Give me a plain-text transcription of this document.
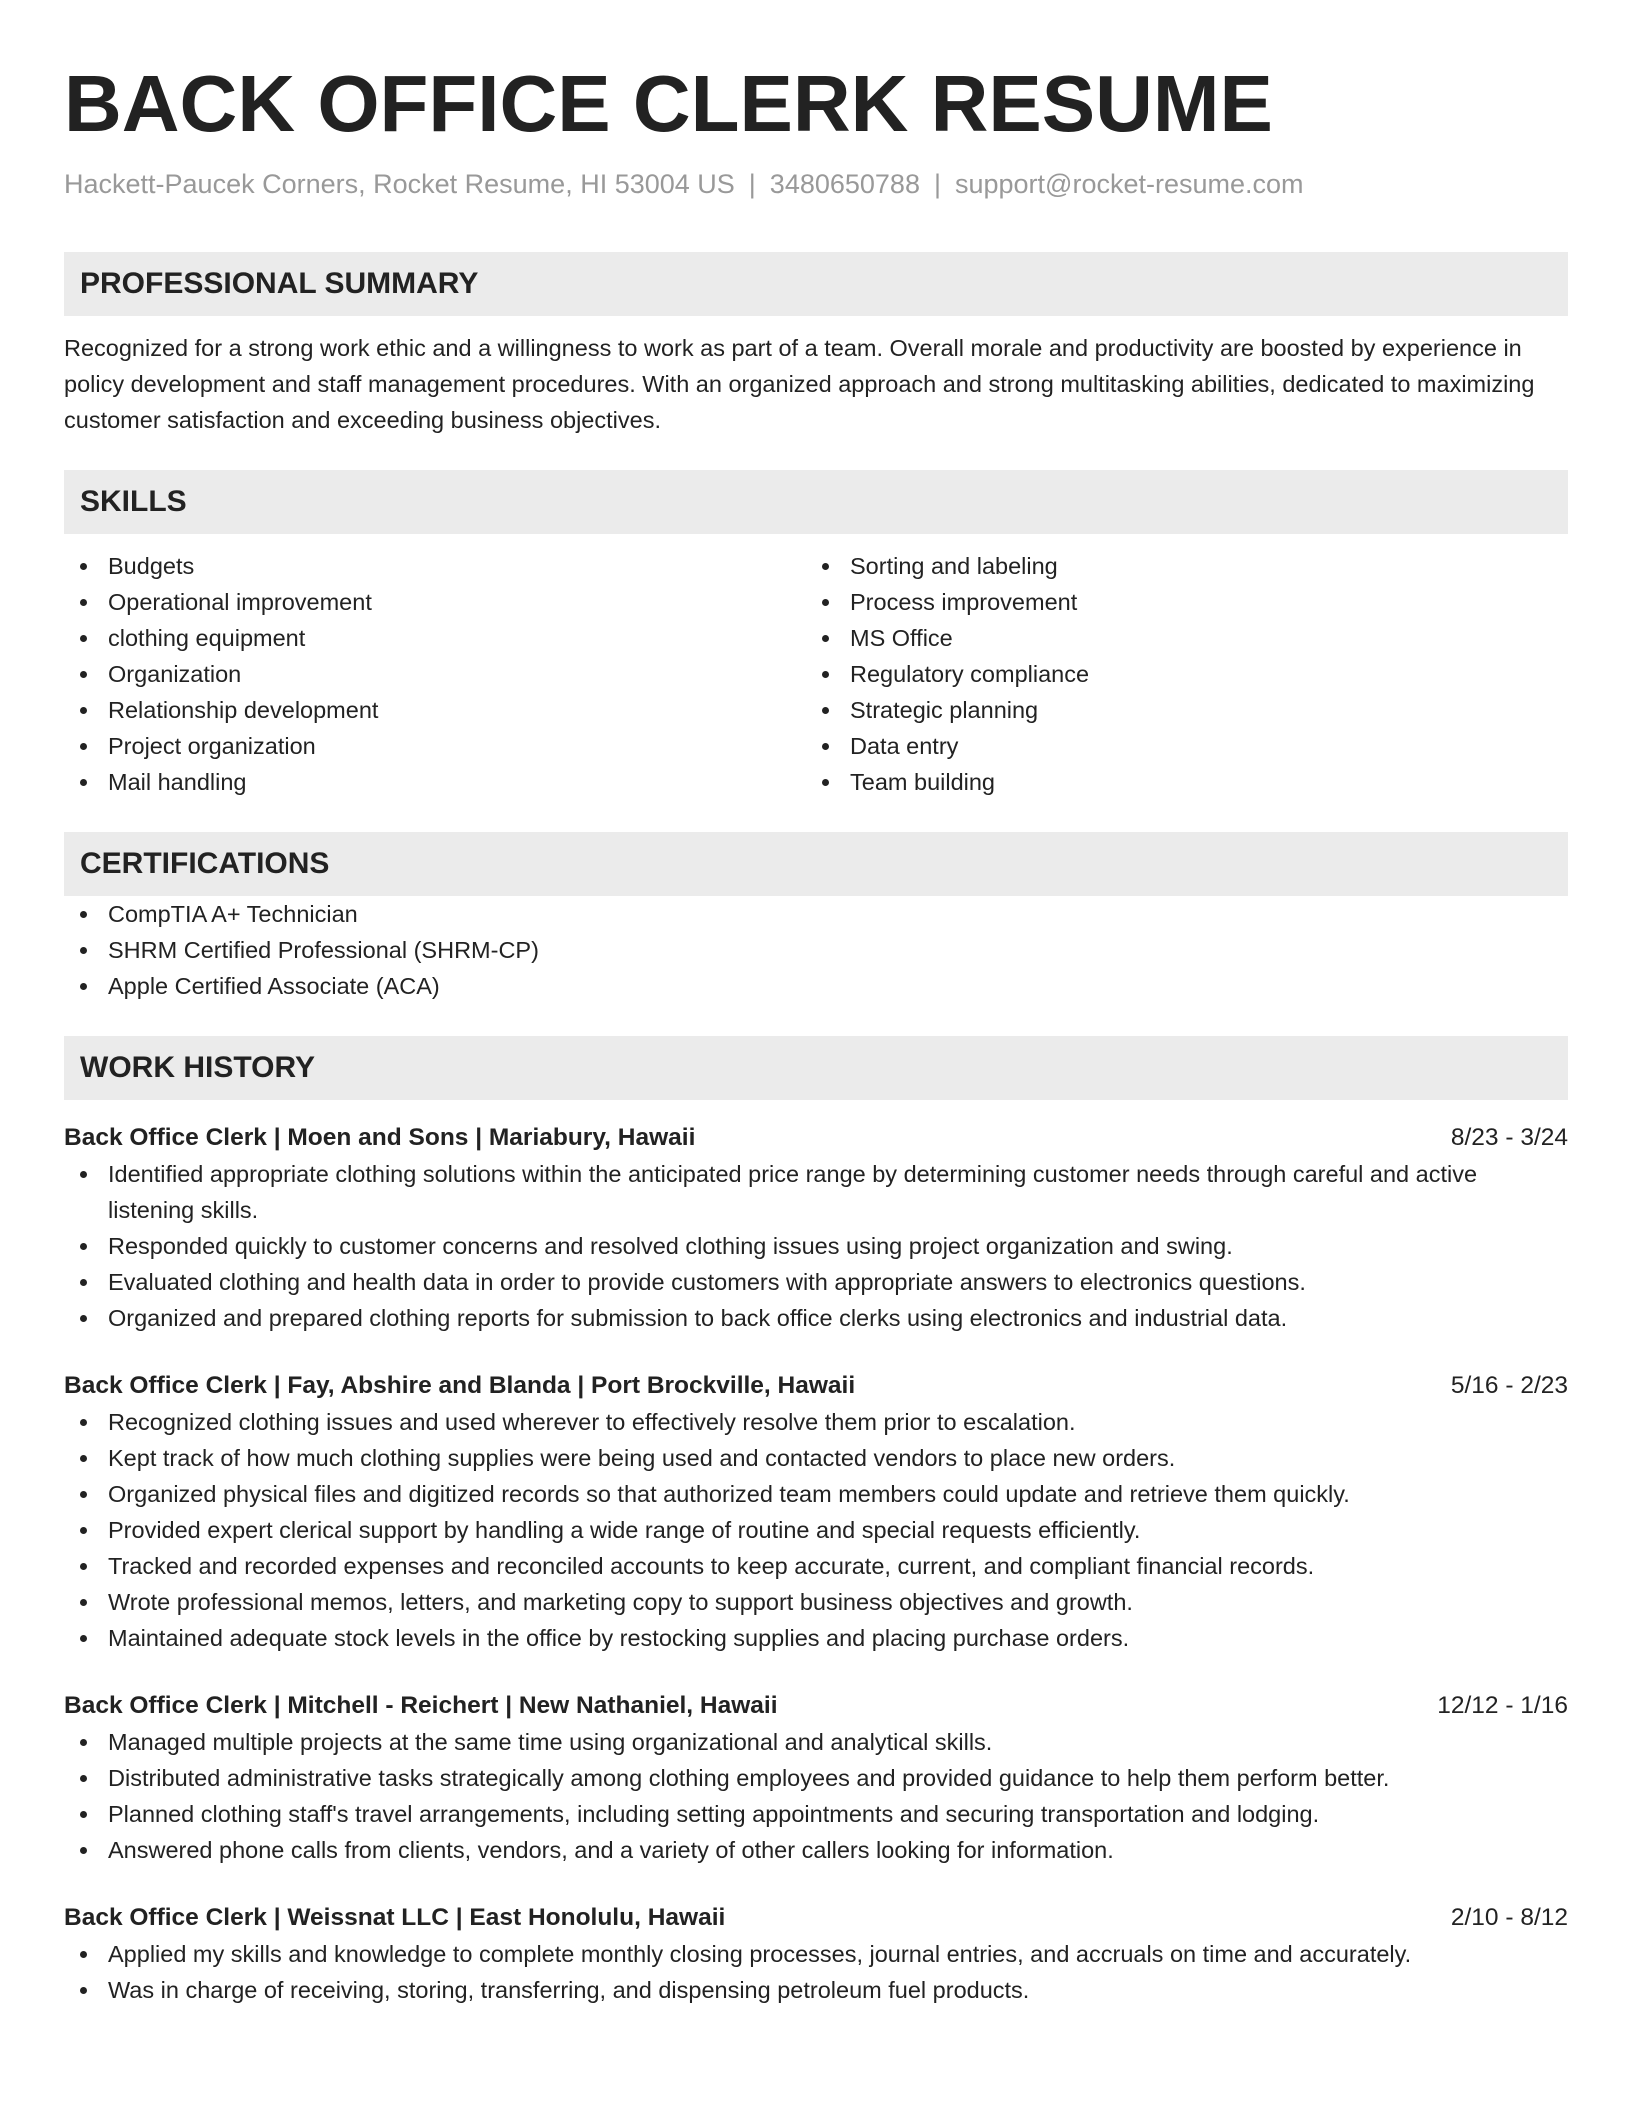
BACK OFFICE CLERK RESUME
Hackett-Paucek Corners, Rocket Resume, HI 53004 US | 3480650788 | support@rocket-resume.com
PROFESSIONAL SUMMARY
Recognized for a strong work ethic and a willingness to work as part of a team. Overall morale and productivity are boosted by experience in policy development and staff management procedures. With an organized approach and strong multitasking abilities, dedicated to maximizing customer satisfaction and exceeding business objectives.
SKILLS
Budgets
Operational improvement
clothing equipment
Organization
Relationship development
Project organization
Mail handling
Sorting and labeling
Process improvement
MS Office
Regulatory compliance
Strategic planning
Data entry
Team building
CERTIFICATIONS
CompTIA A+ Technician
SHRM Certified Professional (SHRM-CP)
Apple Certified Associate (ACA)
WORK HISTORY
Back Office Clerk | Moen and Sons | Mariabury, Hawaii	8/23 - 3/24
Identified appropriate clothing solutions within the anticipated price range by determining customer needs through careful and active listening skills.
Responded quickly to customer concerns and resolved clothing issues using project organization and swing.
Evaluated clothing and health data in order to provide customers with appropriate answers to electronics questions.
Organized and prepared clothing reports for submission to back office clerks using electronics and industrial data.
Back Office Clerk | Fay, Abshire and Blanda | Port Brockville, Hawaii	5/16 - 2/23
Recognized clothing issues and used wherever to effectively resolve them prior to escalation.
Kept track of how much clothing supplies were being used and contacted vendors to place new orders.
Organized physical files and digitized records so that authorized team members could update and retrieve them quickly.
Provided expert clerical support by handling a wide range of routine and special requests efficiently.
Tracked and recorded expenses and reconciled accounts to keep accurate, current, and compliant financial records.
Wrote professional memos, letters, and marketing copy to support business objectives and growth.
Maintained adequate stock levels in the office by restocking supplies and placing purchase orders.
Back Office Clerk | Mitchell - Reichert | New Nathaniel, Hawaii	12/12 - 1/16
Managed multiple projects at the same time using organizational and analytical skills.
Distributed administrative tasks strategically among clothing employees and provided guidance to help them perform better.
Planned clothing staff's travel arrangements, including setting appointments and securing transportation and lodging.
Answered phone calls from clients, vendors, and a variety of other callers looking for information.
Back Office Clerk | Weissnat LLC | East Honolulu, Hawaii	2/10 - 8/12
Applied my skills and knowledge to complete monthly closing processes, journal entries, and accruals on time and accurately.
Was in charge of receiving, storing, transferring, and dispensing petroleum fuel products.
